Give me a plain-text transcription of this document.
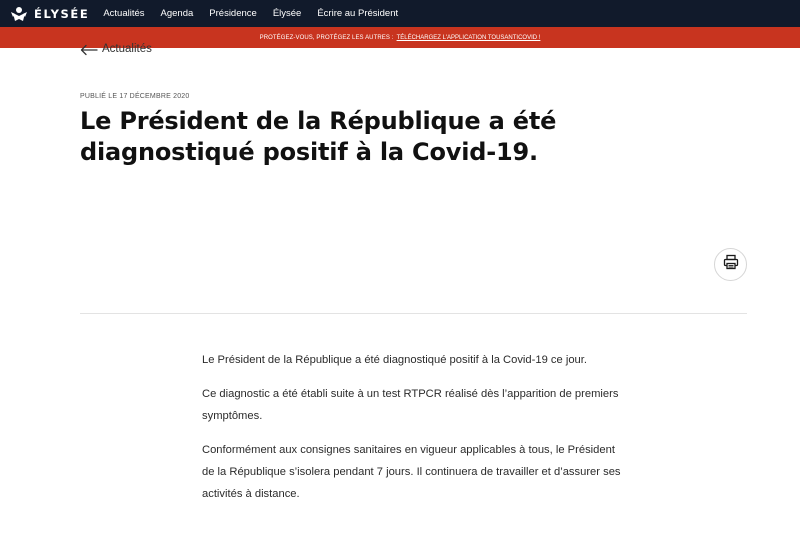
ÉLYSÉE Actualités Agenda Présidence Élysée Écrire au Président
PROTÉGEZ-VOUS, PROTÉGEZ LES AUTRES : TÉLÉCHARGEZ L'APPLICATION TOUSANTICOVID !
Actualités
PUBLIÉ LE 17 DÉCEMBRE 2020
Le Président de la République a été diagnostiqué positif à la Covid-19.

Le Président de la République a été diagnostiqué positif à la Covid-19 ce jour.

Ce diagnostic a été établi suite à un test RTPCR réalisé dès l’apparition de premiers symptômes.

Conformément aux consignes sanitaires en vigueur applicables à tous, le Président de la République s’isolera pendant 7 jours. Il continuera de travailler et d’assurer ses activités à distance.
